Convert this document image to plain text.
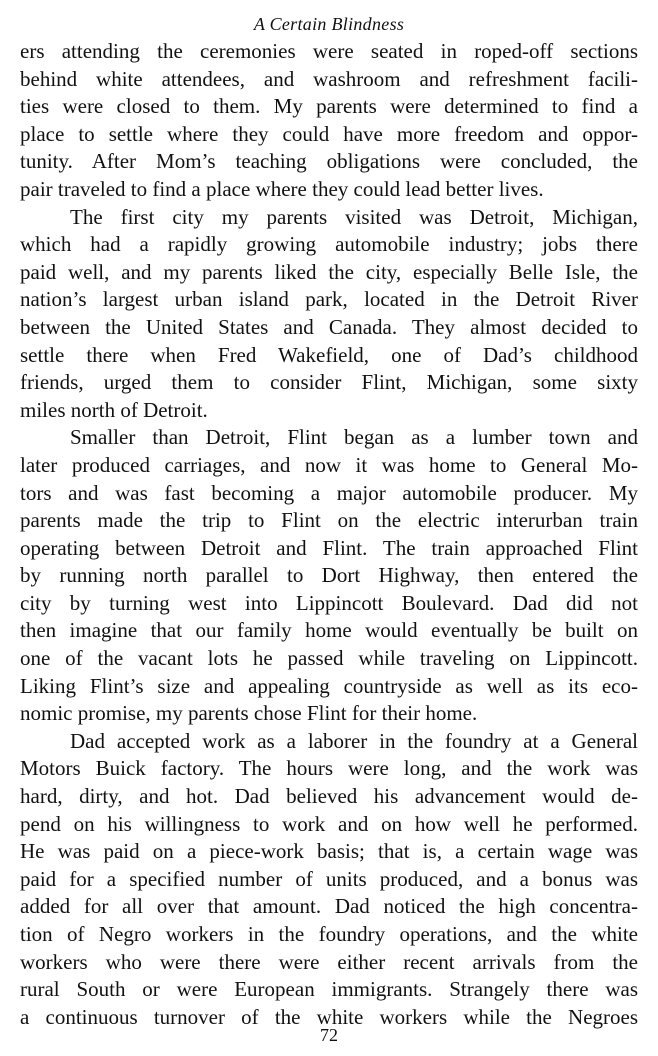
A Certain Blindness
ers attending the ceremonies were seated in roped-off sections
behind white attendees, and washroom and refreshment facili-
ties were closed to them. My parents were determined to find a
place to settle where they could have more freedom and oppor-
tunity. After Mom’s teaching obligations were concluded, the
pair traveled to find a place where they could lead better lives.
The first city my parents visited was Detroit, Michigan,
which had a rapidly growing automobile industry; jobs there
paid well, and my parents liked the city, especially Belle Isle, the
nation’s largest urban island park, located in the Detroit River
between the United States and Canada. They almost decided to
settle there when Fred Wakefield, one of Dad’s childhood
friends, urged them to consider Flint, Michigan, some sixty
miles north of Detroit.
Smaller than Detroit, Flint began as a lumber town and
later produced carriages, and now it was home to General Mo-
tors and was fast becoming a major automobile producer. My
parents made the trip to Flint on the electric interurban train
operating between Detroit and Flint. The train approached Flint
by running north parallel to Dort Highway, then entered the
city by turning west into Lippincott Boulevard. Dad did not
then imagine that our family home would eventually be built on
one of the vacant lots he passed while traveling on Lippincott.
Liking Flint’s size and appealing countryside as well as its eco-
nomic promise, my parents chose Flint for their home.
Dad accepted work as a laborer in the foundry at a General
Motors Buick factory. The hours were long, and the work was
hard, dirty, and hot. Dad believed his advancement would de-
pend on his willingness to work and on how well he performed.
He was paid on a piece-work basis; that is, a certain wage was
paid for a specified number of units produced, and a bonus was
added for all over that amount. Dad noticed the high concentra-
tion of Negro workers in the foundry operations, and the white
workers who were there were either recent arrivals from the
rural South or were European immigrants. Strangely there was
a continuous turnover of the white workers while the Negroes
72
